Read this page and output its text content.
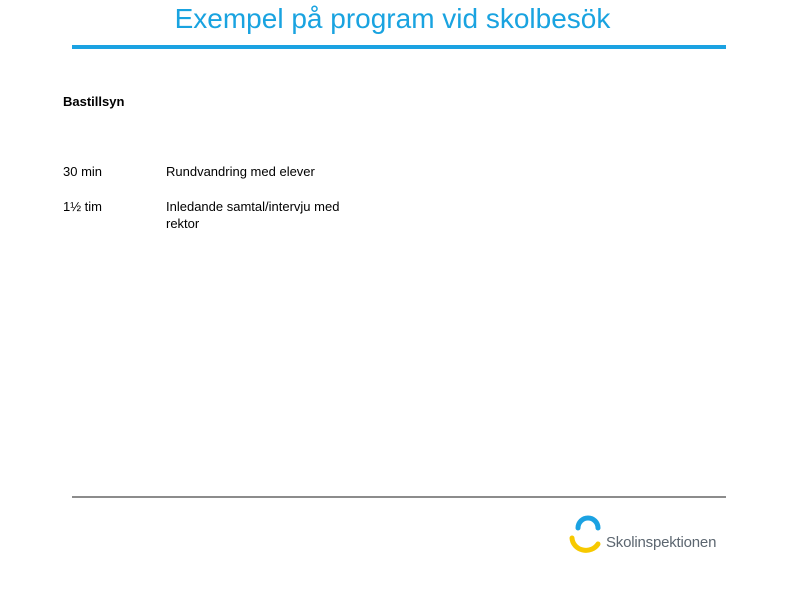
Exempel på program vid skolbesök
Bastillsyn
30 min	Rundvandring med elever
1½ tim	Inledande samtal/intervju med rektor
Skolinspektionen
